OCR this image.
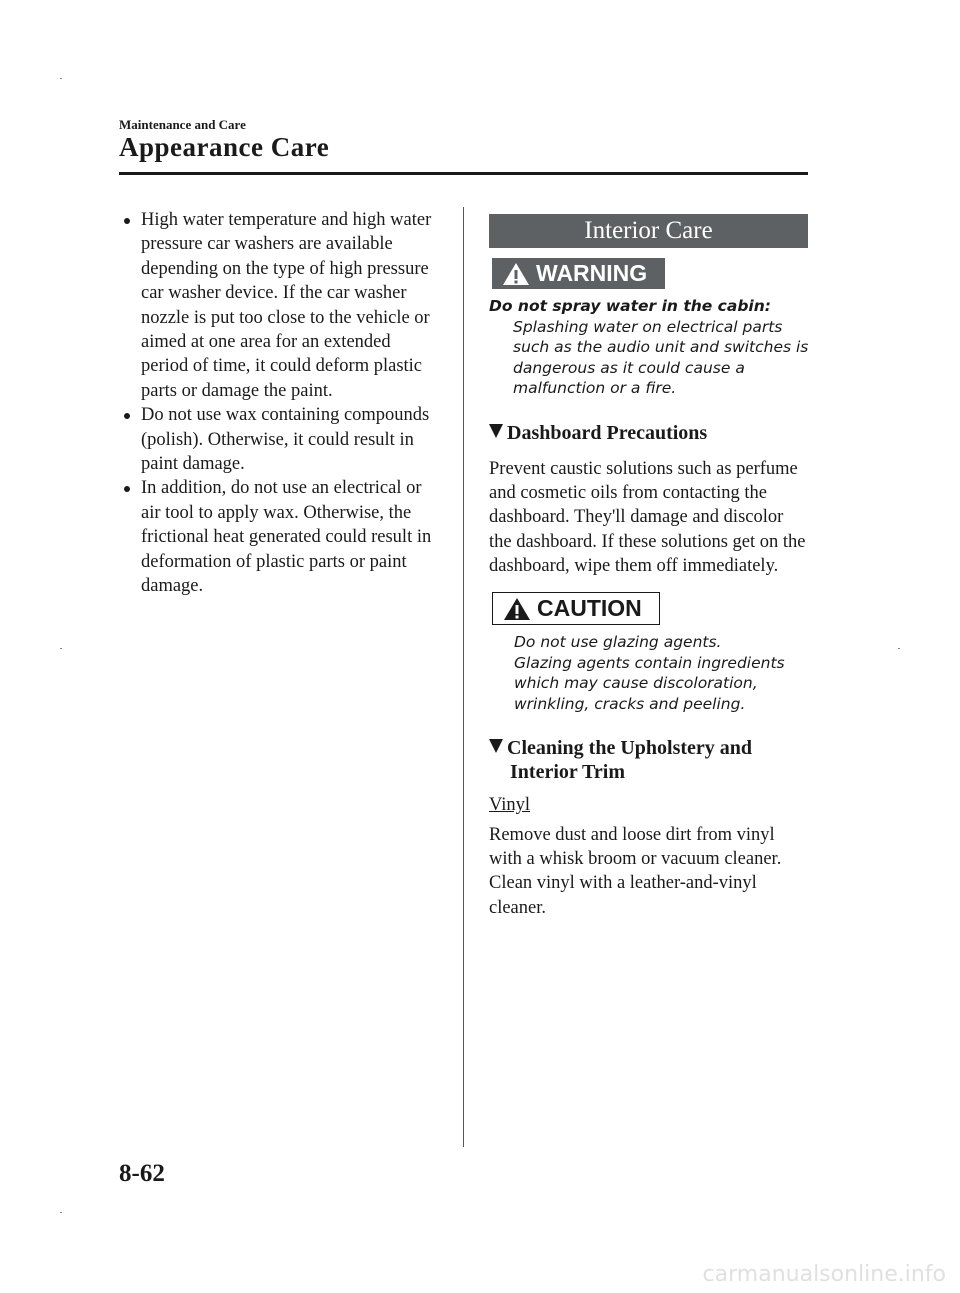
Maintenance and Care
Appearance Care
High water temperature and high water pressure car washers are available depending on the type of high pressure car washer device. If the car washer nozzle is put too close to the vehicle or aimed at one area for an extended period of time, it could deform plastic parts or damage the paint.
Do not use wax containing compounds (polish). Otherwise, it could result in paint damage.
In addition, do not use an electrical or air tool to apply wax. Otherwise, the frictional heat generated could result in deformation of plastic parts or paint damage.
Interior Care
WARNING
Do not spray water in the cabin:
Splashing water on electrical parts such as the audio unit and switches is dangerous as it could cause a malfunction or a fire.
Dashboard Precautions
Prevent caustic solutions such as perfume and cosmetic oils from contacting the dashboard. They'll damage and discolor the dashboard. If these solutions get on the dashboard, wipe them off immediately.
CAUTION
Do not use glazing agents.
Glazing agents contain ingredients which may cause discoloration, wrinkling, cracks and peeling.
Cleaning the Upholstery and
Interior Trim
Vinyl
Remove dust and loose dirt from vinyl with a whisk broom or vacuum cleaner. Clean vinyl with a leather-and-vinyl cleaner.
8-62
carmanualsonline.info
